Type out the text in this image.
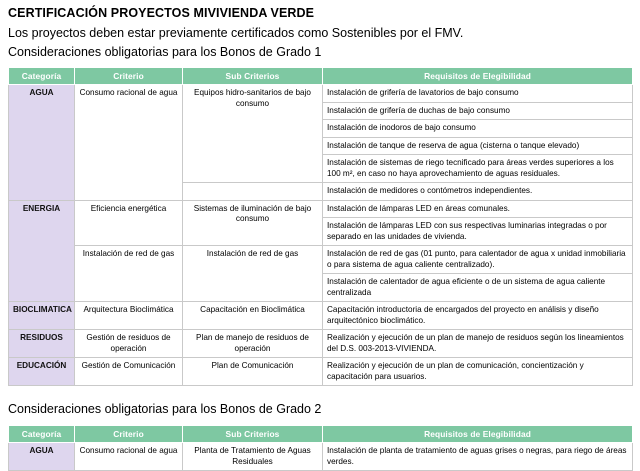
CERTIFICACIÓN PROYECTOS MIVIVIENDA VERDE
Los proyectos deben estar previamente certificados como Sostenibles por el FMV.
Consideraciones obligatorias para los Bonos de Grado 1
Categoría	Criterio	Sub Criterios	Requisitos de Elegibilidad
AGUA	Consumo racional de agua	Equipos hidro-sanitarios de bajo consumo	Instalación de grifería de lavatorios de bajo consumo
			Instalación de grifería de duchas de bajo consumo
			Instalación de inodoros de bajo consumo
			Instalación de tanque de reserva de agua (cisterna o tanque elevado)
			Instalación de sistemas de riego tecnificado para áreas verdes superiores a los 100 m², en caso no haya aprovechamiento de aguas residuales.
			Instalación de medidores o contómetros independientes.
ENERGIA	Eficiencia energética	Sistemas de iluminación de bajo consumo	Instalación de lámparas LED en áreas comunales.
			Instalación de lámparas LED con sus respectivas luminarias integradas o por separado en las unidades de vivienda.
	Instalación de red de gas	Instalación de red de gas	Instalación de red de gas (01 punto, para calentador de agua x unidad inmobiliaria o para sistema de agua caliente centralizado).
			Instalación de calentador de agua eficiente o de un sistema de agua caliente centralizada
BIOCLIMATICA	Arquitectura Bioclimática	Capacitación en Bioclimática	Capacitación introductoria de encargados del proyecto en análisis y diseño arquitectónico bioclimático.
RESIDUOS	Gestión de residuos de operación	Plan de manejo de residuos de operación	Realización y ejecución de un plan de manejo de residuos según los lineamientos del D.S. 003-2013-VIVIENDA.
EDUCACIÓN	Gestión de Comunicación	Plan de Comunicación	Realización y ejecución de un plan de comunicación, concientización y capacitación para usuarios.
Consideraciones obligatorias para los Bonos de Grado 2
Categoría	Criterio	Sub Criterios	Requisitos de Elegibilidad
AGUA	Consumo racional de agua	Planta de Tratamiento de Aguas Residuales	Instalación de planta de tratamiento de aguas grises o negras, para riego de áreas verdes.
